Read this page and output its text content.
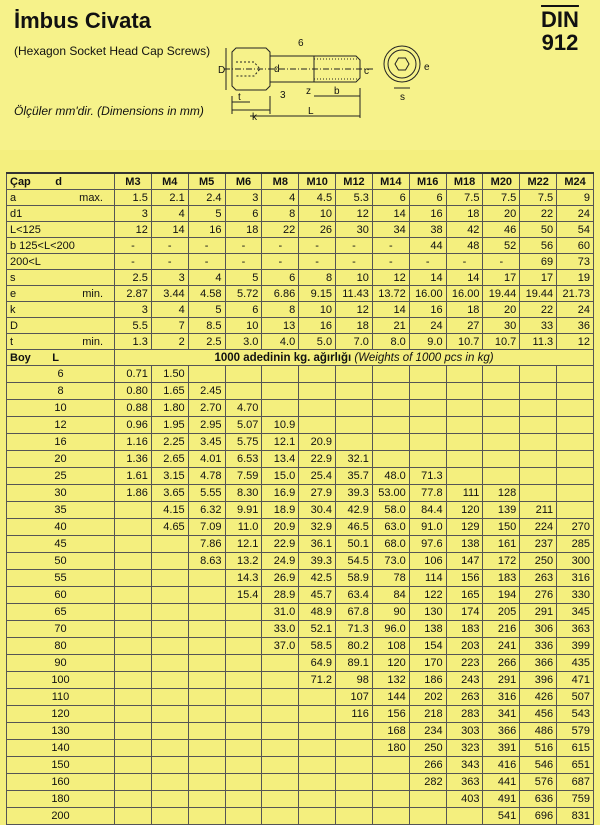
İmbus Civata
(Hexagon Socket Head Cap Screws)
Ölçüler mm'dir. (Dimensions in mm)
$\overline{DIN}$
912
D
k
t
d
6
z
3	b
L
c
s
e
Çap d	M3	M4	M5	M6	M8	M10	M12	M14	M16	M18	M20	M22	M24
a max.	1.5	2.1	2.4	3	4	4.5	5.3	6	6	7.5	7.5	7.5	9
d1	3	4	5	6	8	10	12	14	16	18	20	22	24
L<125	12	14	16	18	22	26	30	34	38	42	46	50	54
b 125<L<200	-	-	-	-	-	-	-	-	44	48	52	56	60
200<L	-	-	-	-	-	-	-	-	-	-	-	69	73
s	2.5	3	4	5	6	8	10	12	14	14	17	17	19
e min.	2.87	3.44	4.58	5.72	6.86	9.15	11.43	13.72	16.00	16.00	19.44	19.44	21.73
k	3	4	5	6	8	10	12	14	16	18	20	22	24
D	5.5	7	8.5	10	13	16	18	21	24	27	30	33	36
t min.	1.3	2	2.5	3.0	4.0	5.0	7.0	8.0	9.0	10.7	10.7	11.3	12
Boy L	1000 adedinin kg. ağırlığı (Weights of 1000 pcs in kg)												
6	0.71	1.50											
8	0.80	1.65	2.45										
10	0.88	1.80	2.70	4.70									
12	0.96	1.95	2.95	5.07	10.9								
16	1.16	2.25	3.45	5.75	12.1	20.9							
20	1.36	2.65	4.01	6.53	13.4	22.9	32.1						
25	1.61	3.15	4.78	7.59	15.0	25.4	35.7	48.0	71.3				
30	1.86	3.65	5.55	8.30	16.9	27.9	39.3	53.00	77.8	111	128		
35		4.15	6.32	9.91	18.9	30.4	42.9	58.0	84.4	120	139	211	
40		4.65	7.09	11.0	20.9	32.9	46.5	63.0	91.0	129	150	224	270
45			7.86	12.1	22.9	36.1	50.1	68.0	97.6	138	161	237	285
50			8.63	13.2	24.9	39.3	54.5	73.0	106	147	172	250	300
55				14.3	26.9	42.5	58.9	78	114	156	183	263	316
60				15.4	28.9	45.7	63.4	84	122	165	194	276	330
65					31.0	48.9	67.8	90	130	174	205	291	345
70					33.0	52.1	71.3	96.0	138	183	216	306	363
80					37.0	58.5	80.2	108	154	203	241	336	399
90						64.9	89.1	120	170	223	266	366	435
100						71.2	98	132	186	243	291	396	471
110							107	144	202	263	316	426	507
120							116	156	218	283	341	456	543
130								168	234	303	366	486	579
140								180	250	323	391	516	615
150									266	343	416	546	651
160									282	363	441	576	687
180										403	491	636	759
200											541	696	831
